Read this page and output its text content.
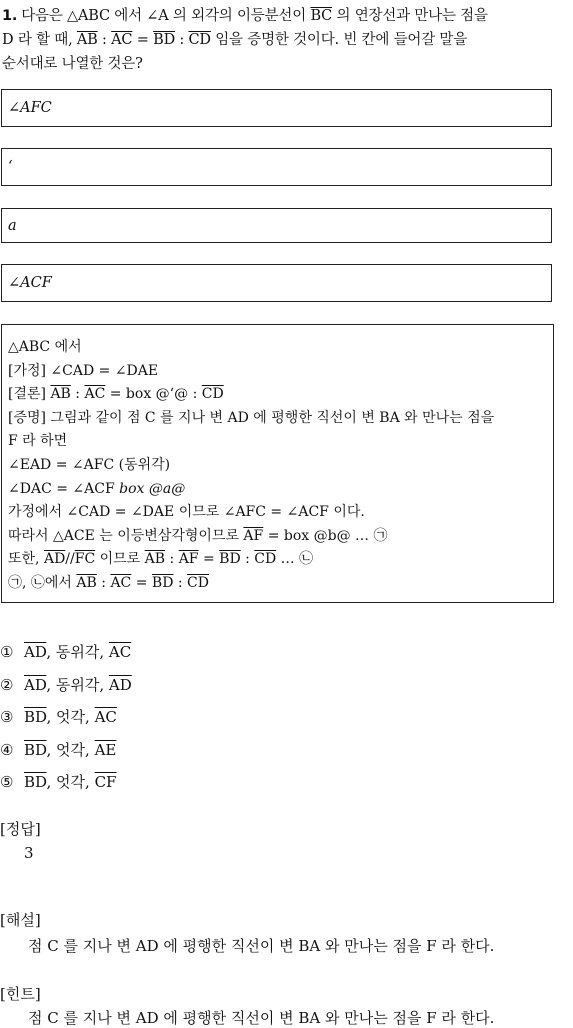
1. 다음은 △ABC 에서 ∠A 의 외각의 이등분선이 $\overline{BC}$ 의 연장선과 만나는 점을
D 라 할 때, $\overline{AB}$ : $\overline{AC} = \overline{BD}$ : $\overline{CD}$ 임을 증명한 것이다. 빈 칸에 들어갈 말을
순서대로 나열한 것은?
∠AFC
‘
a
∠ACF
△ABC 에서
[가정] ∠CAD = ∠DAE
[결론] $\overline{AB}$ : $\overline{AC}$ = box @‘@ : $\overline{CD}$
[증명] 그림과 같이 점 C 를 지나 변 AD 에 평행한 직선이 변 BA 와 만나는 점을
F 라 하면
∠EAD = ∠AFC (동위각)
∠DAC = ∠ACF box @a@
가정에서 ∠CAD = ∠DAE 이므로 ∠AFC = ∠ACF 이다.
따라서 △ACE 는 이등변삼각형이므로 $\overline{AF}$ = box @b@ … ㉠
또한, $\overline{AD}//\overline{FC}$ 이므로 $\overline{AB}$ : $\overline{AF} = \overline{BD}$ : $\overline{CD}$ … ㉡
㉠, ㉡에서 $\overline{AB}$ : $\overline{AC} = \overline{BD}$ : $\overline{CD}$
① $\overline{AD}$, 동위각, $\overline{AC}$
② $\overline{AD}$, 동위각, $\overline{AD}$
③ $\overline{BD}$, 엇각, $\overline{AC}$
④ $\overline{BD}$, 엇각, $\overline{AE}$
⑤ $\overline{BD}$, 엇각, $\overline{CF}$
[정답]
3
[해설]
점 C 를 지나 변 AD 에 평행한 직선이 변 BA 와 만나는 점을 F 라 한다.
[힌트]
점 C 를 지나 변 AD 에 평행한 직선이 변 BA 와 만나는 점을 F 라 한다.
